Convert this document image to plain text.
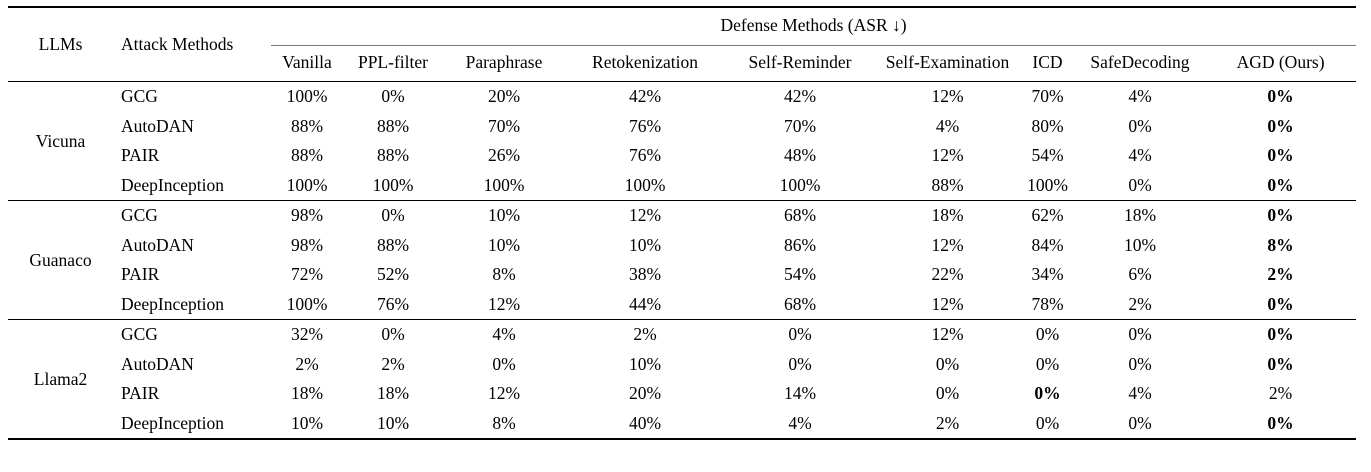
LLMs	Attack Methods	Defense Methods (ASR ↓)								
		Vanilla	PPL-filter	Paraphrase	Retokenization	Self-Reminder	Self-Examination	ICD	SafeDecoding	AGD (Ours)
Vicuna	GCG	100%	0%	20%	42%	42%	12%	70%	4%	0%
	AutoDAN	88%	88%	70%	76%	70%	4%	80%	0%	0%
	PAIR	88%	88%	26%	76%	48%	12%	54%	4%	0%
	DeepInception	100%	100%	100%	100%	100%	88%	100%	0%	0%
Guanaco	GCG	98%	0%	10%	12%	68%	18%	62%	18%	0%
	AutoDAN	98%	88%	10%	10%	86%	12%	84%	10%	8%
	PAIR	72%	52%	8%	38%	54%	22%	34%	6%	2%
	DeepInception	100%	76%	12%	44%	68%	12%	78%	2%	0%
Llama2	GCG	32%	0%	4%	2%	0%	12%	0%	0%	0%
	AutoDAN	2%	2%	0%	10%	0%	0%	0%	0%	0%
	PAIR	18%	18%	12%	20%	14%	0%	0%	4%	2%
	DeepInception	10%	10%	8%	40%	4%	2%	0%	0%	0%
